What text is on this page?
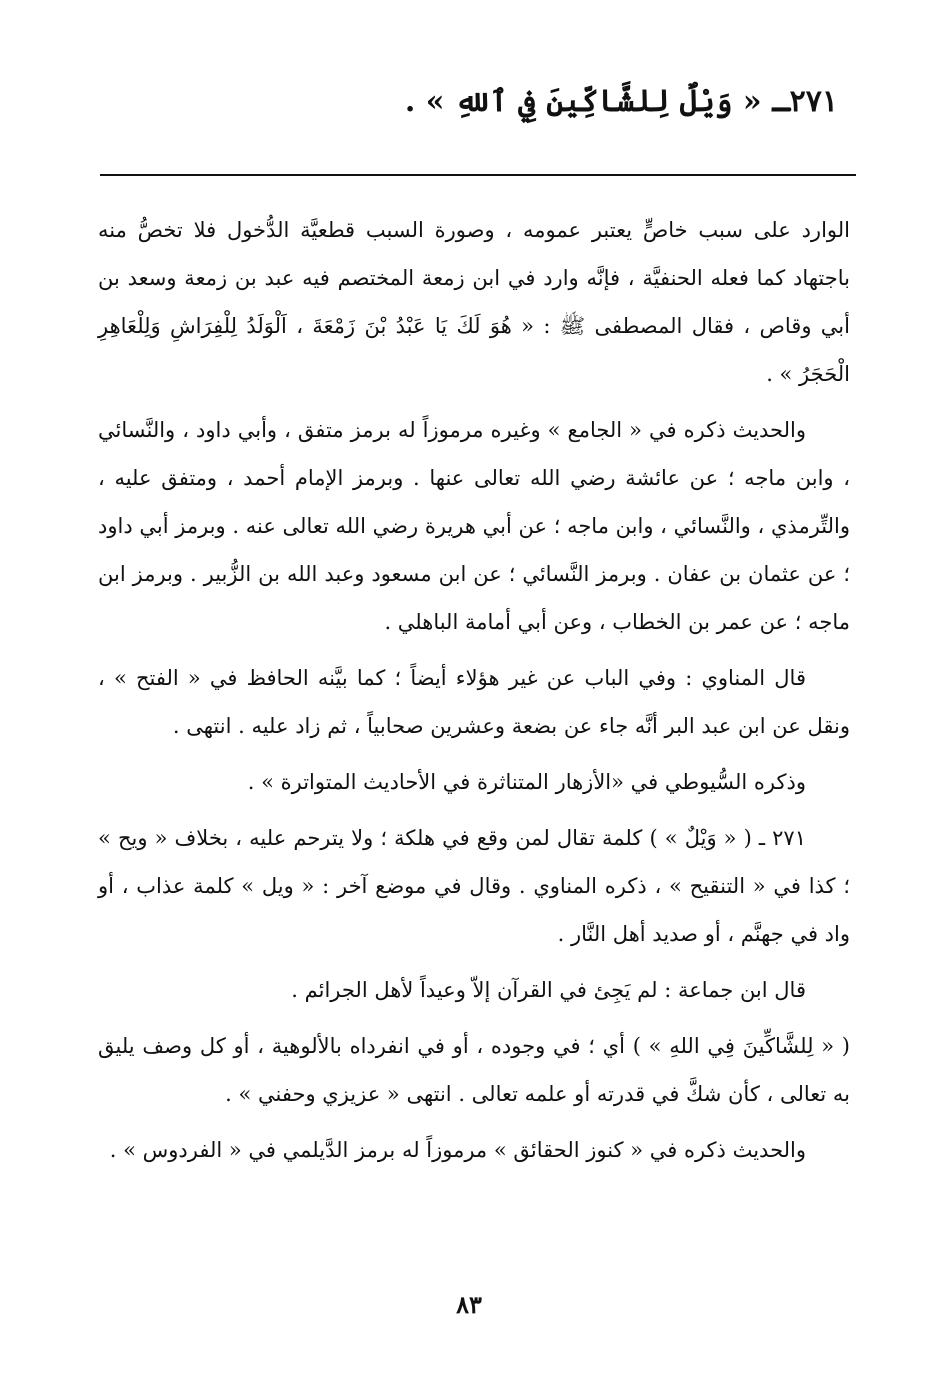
٢٧١ـ « وَيْلٌ لِلشَّاكِّينَ فِي ٱللهِ » .

الوارد على سبب خاصٍّ يعتبر عمومه ، وصورة السبب قطعيَّة الدُّخول فلا تخصُّ منه باجتهاد كما فعله الحنفيَّة ، فإنَّه وارد في ابن زمعة المختصم فيه عبد بن زمعة وسعد بن أبي وقاص ، فقال المصطفى ﷺ : « هُوَ لَكَ يَا عَبْدُ بْنَ زَمْعَةَ ، اَلْوَلَدُ لِلْفِرَاشِ وَلِلْعَاهِرِ الْحَجَرُ » .

والحديث ذكره في « الجامع » وغيره مرموزاً له برمز متفق ، وأبي داود ، والنَّسائي ، وابن ماجه ؛ عن عائشة رضي الله تعالى عنها . وبرمز الإمام أحمد ، ومتفق عليه ، والتِّرمذي ، والنَّسائي ، وابن ماجه ؛ عن أبي هريرة رضي الله تعالى عنه . وبرمز أبي داود ؛ عن عثمان بن عفان . وبرمز النَّسائي ؛ عن ابن مسعود وعبد الله بن الزُّبير . وبرمز ابن ماجه ؛ عن عمر بن الخطاب ، وعن أبي أمامة الباهلي .

قال المناوي : وفي الباب عن غير هؤلاء أيضاً ؛ كما بيَّنه الحافظ في « الفتح » ، ونقل عن ابن عبد البر أنَّه جاء عن بضعة وعشرين صحابياً ، ثم زاد عليه . انتهى .

وذكره السُّيوطي في «الأزهار المتناثرة في الأحاديث المتواترة » .

٢٧١ ـ ( « وَيْلٌ » ) كلمة تقال لمن وقع في هلكة ؛ ولا يترحم عليه ، بخلاف « ويح » ؛ كذا في « التنقيح » ، ذكره المناوي . وقال في موضع آخر : « ويل » كلمة عذاب ، أو واد في جهنَّم ، أو صديد أهل النَّار .

قال ابن جماعة : لم يَجِئ في القرآن إلاّ وعيداً لأهل الجرائم .

( « لِلشَّاكِّينَ فِي اللهِ » ) أي ؛ في وجوده ، أو في انفرداه بالألوهية ، أو كل وصف يليق به تعالى ، كأن شكَّ في قدرته أو علمه تعالى . انتهى « عزيزي وحفني » .

والحديث ذكره في « كنوز الحقائق » مرموزاً له برمز الدَّيلمي في « الفردوس » .

٨٣
